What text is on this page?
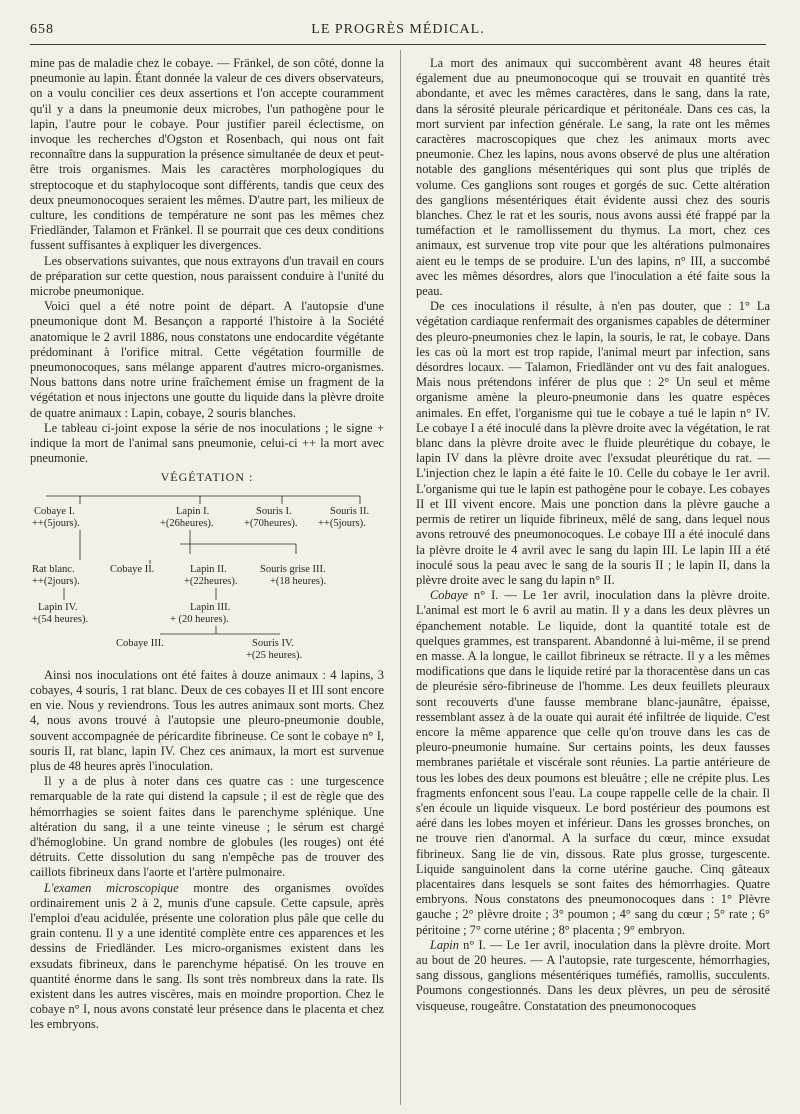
658	LE PROGRÈS MÉDICAL.

mine pas de maladie chez le cobaye. — Fränkel, de son côté, donne la pneumonie au lapin. Étant donnée la valeur de ces divers observateurs, on a voulu concilier ces deux assertions et l'on accepte couramment qu'il y a dans la pneumonie deux microbes, l'un pathogène pour le lapin, l'autre pour le cobaye. Pour justifier pareil éclectisme, on invoque les recherches d'Ogston et Rosenbach, qui nous ont fait reconnaître dans la suppuration la présence simultanée de deux et peut-être trois organismes. Mais les caractères morphologiques du streptocoque et du staphylocoque sont différents, tandis que ceux des deux pneumonocoques seraient les mêmes. D'autre part, les milieux de culture, les conditions de température ne sont pas les mêmes chez Friedländer, Talamon et Fränkel. Il se pourrait que ces deux conditions fussent suffisantes à expliquer les divergences.

Les observations suivantes, que nous extrayons d'un travail en cours de préparation sur cette question, nous paraissent conduire à l'unité du microbe pneumonique.

Voici quel a été notre point de départ. A l'autopsie d'une pneumonique dont M. Besançon a rapporté l'histoire à la Société anatomique le 2 avril 1886, nous constatons une endocardite végétante prédominant à l'orifice mitral. Cette végétation fourmille de pneumonocoques, sans mélange apparent d'autres micro-organismes. Nous battons dans notre urine fraîchement émise un fragment de la végétation et nous injectons une goutte du liquide dans la plèvre droite de quatre animaux : Lapin, cobaye, 2 souris blanches.

Le tableau ci-joint expose la série de nos inoculations ; le signe + indique la mort de l'animal sans pneumonie, celui-ci ++ la mort avec pneumonie.

VÉGÉTATION :
Cobaye I.
++(5jours).
Lapin I.
+(26heures).
Souris I.
+(70heures).
Souris II.
++(5jours).
Rat blanc.
++(2jours).
Cobaye II.	Lapin II.
+(22heures).
Souris grise III.
+(18 heures).
Lapin IV.
+(54 heures).
Lapin III.
+ (20 heures).
Cobaye III.	Souris IV.
+(25 heures).

Ainsi nos inoculations ont été faites à douze animaux : 4 lapins, 3 cobayes, 4 souris, 1 rat blanc. Deux de ces cobayes II et III sont encore en vie. Nous y reviendrons. Tous les autres animaux sont morts. Chez 4, nous avons trouvé à l'autopsie une pleuro-pneumonie double, souvent accompagnée de péricardite fibrineuse. Ce sont le cobaye n° I, souris II, rat blanc, lapin IV. Chez ces animaux, la mort est survenue plus de 48 heures après l'inoculation.

Il y a de plus à noter dans ces quatre cas : une turgescence remarquable de la rate qui distend la capsule ; il est de règle que des hémorrhagies se soient faites dans le parenchyme splénique. Une altération du sang, il a une teinte vineuse ; le sérum est chargé d'hémoglobine. Un grand nombre de globules (les rouges) ont été détruits. Cette dissolution du sang n'empêche pas de trouver des caillots fibrineux dans l'aorte et l'artère pulmonaire.

L'examen microscopique montre des organismes ovoïdes ordinairement unis 2 à 2, munis d'une capsule. Cette capsule, après l'emploi d'eau acidulée, présente une coloration plus pâle que celle du grain contenu. Il y a une identité complète entre ces apparences et les dessins de Friedländer. Les micro-organismes existent dans les exsudats fibrineux, dans le parenchyme hépatisé. On les trouve en quantité énorme dans le sang. Ils sont très nombreux dans la rate. Ils existent dans les autres viscères, mais en moindre proportion. Chez le cobaye n° I, nous avons constaté leur présence dans le placenta et chez les embryons.

La mort des animaux qui succombèrent avant 48 heures était également due au pneumonocoque qui se trouvait en quantité très abondante, et avec les mêmes caractères, dans le sang, dans la rate, dans la sérosité pleurale péricardique et péritonéale. Dans ces cas, la mort survient par infection générale. Le sang, la rate ont les mêmes caractères macroscopiques que chez les animaux morts avec pneumonie. Chez les lapins, nous avons observé de plus une altération notable des ganglions mésentériques qui sont plus que triplés de volume. Ces ganglions sont rouges et gorgés de suc. Cette altération des ganglions mésentériques était évidente aussi chez des souris blanches. Chez le rat et les souris, nous avons aussi été frappé par la tuméfaction et le ramollissement du thymus. La mort, chez ces animaux, est survenue trop vite pour que les altérations pulmonaires aient eu le temps de se produire. L'un des lapins, n° III, a succombé avec les mêmes désordres, alors que l'inoculation a été faite sous la peau.

De ces inoculations il résulte, à n'en pas douter, que : 1° La végétation cardiaque renfermait des organismes capables de déterminer des pleuro-pneumonies chez le lapin, la souris, le rat, le cobaye. Dans les cas où la mort est trop rapide, l'animal meurt par infection, sans désordres locaux. — Talamon, Friedländer ont vu des fait analogues. Mais nous prétendons inférer de plus que : 2° Un seul et même organisme amène la pleuro-pneumonie dans les quatre espèces animales. En effet, l'organisme qui tue le cobaye a tué le lapin n° IV. Le cobaye I a été inoculé dans la plèvre droite avec la végétation, le rat blanc dans la plèvre droite avec le fluide pleurétique du cobaye, le lapin IV dans la plèvre droite avec l'exsudat pleurétique du rat. — L'injection chez le lapin a été faite le 10. Celle du cobaye le 1er avril. L'organisme qui tue le lapin est pathogène pour le cobaye. Les cobayes II et III vivent encore. Mais une ponction dans la plèvre gauche a permis de retirer un liquide fibrineux, mêlé de sang, dans lequel nous avons retrouvé des pneumonocoques. Le cobaye III a été inoculé dans la plèvre droite le 4 avril avec le sang du lapin III. Le lapin III a été inoculé sous la peau avec le sang de la souris II ; le lapin II, dans la plèvre droite avec le sang du lapin n° II.

Cobaye n° I. — Le 1er avril, inoculation dans la plèvre droite. L'animal est mort le 6 avril au matin. Il y a dans les deux plèvres un épanchement notable. Le liquide, dont la quantité totale est de quelques grammes, est transparent. Abandonné à lui-même, il se prend en masse. A la longue, le caillot fibrineux se rétracte. Il y a les mêmes modifications que dans le liquide retiré par la thoracentèse dans un cas de pleurésie séro-fibrineuse de l'homme. Les deux feuillets pleuraux sont recouverts d'une fausse membrane blanc-jaunâtre, épaisse, ressemblant assez à de la ouate qui aurait été infiltrée de liquide. C'est encore la même apparence que celle qu'on trouve dans les cas de pleuro-pneumonie humaine. Sur certains points, les deux fausses membranes pariétale et viscérale sont réunies. La partie antérieure de tous les lobes des deux poumons est bleuâtre ; elle ne crépite plus. Les fragments enfoncent sous l'eau. La coupe rappelle celle de la chair. Il s'en écoule un liquide visqueux. Le bord postérieur des poumons est aéré dans les lobes moyen et inférieur. Dans les grosses bronches, on ne trouve rien d'anormal. A la surface du cœur, mince exsudat fibrineux. Sang lie de vin, dissous. Rate plus grosse, turgescente. Liquide sanguinolent dans la corne utérine gauche. Cinq gâteaux placentaires dans lesquels se sont faites des hémorrhagies. Quatre embryons. Nous constatons des pneumonocoques dans : 1° Plèvre gauche ; 2° plèvre droite ; 3° poumon ; 4° sang du cœur ; 5° rate ; 6° péritoine ; 7° corne utérine ; 8° placenta ; 9° embryon.

Lapin n° I. — Le 1er avril, inoculation dans la plèvre droite. Mort au bout de 20 heures. — A l'autopsie, rate turgescente, hémorrhagies, sang dissous, ganglions mésentériques tuméfiés, ramollis, succulents. Poumons congestionnés. Dans les deux plèvres, un peu de sérosité visqueuse, rougeâtre. Constatation des pneumonocoques
